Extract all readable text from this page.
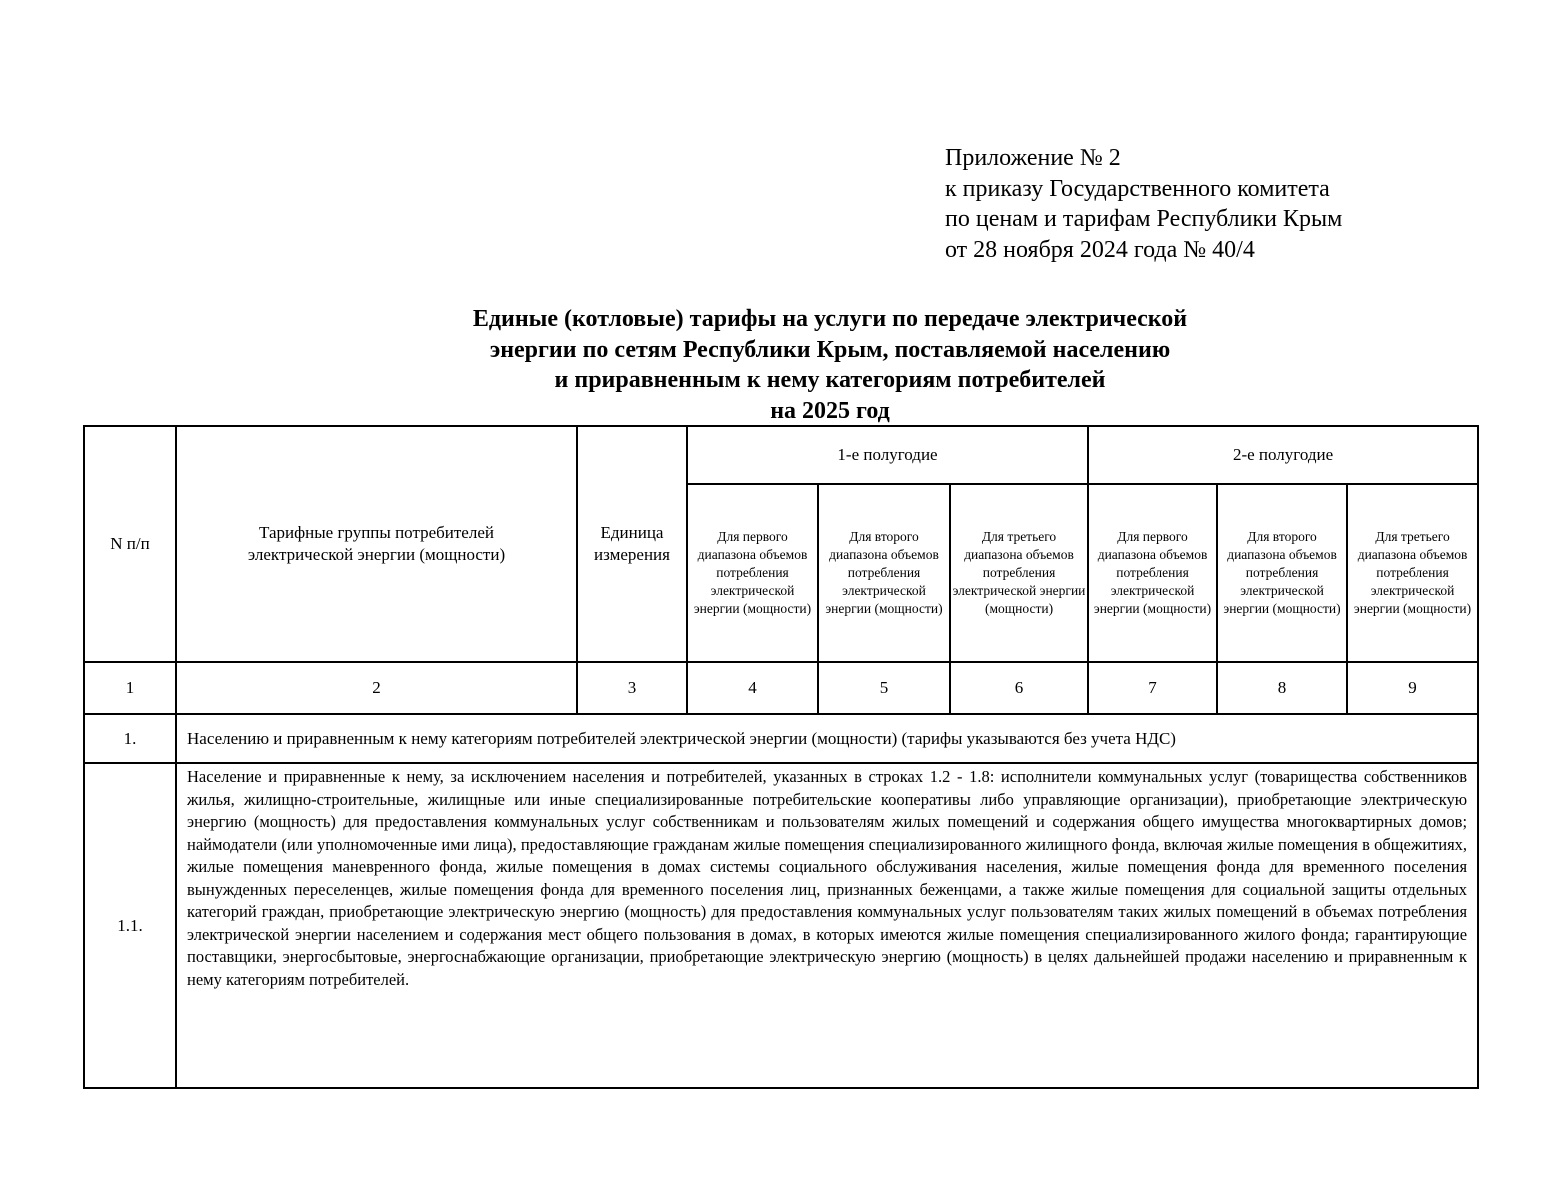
Приложение № 2
к приказу Государственного комитета
по ценам и тарифам Республики Крым
от 28 ноября 2024 года № 40/4
Единые (котловые) тарифы на услуги по передаче электрической
энергии по сетям Республики Крым, поставляемой населению
и приравненным к нему категориям потребителей
на 2025 год
N п/п	Тарифные группы потребителей электрической энергии (мощности)	Единица измерения	1-е полугодие			2-е полугодие		
			Для первого диапазона объемов потребления электрической энергии (мощности)	Для второго диапазона объемов потребления электрической энергии (мощности)	Для третьего диапазона объемов потребления электрической энергии (мощности)	Для первого диапазона объемов потребления электрической энергии (мощности)	Для второго диапазона объемов потребления электрической энергии (мощности)	Для третьего диапазона объемов потребления электрической энергии (мощности)
1	2	3	4	5	6	7	8	9
1.	Населению и приравненным к нему категориям потребителей электрической энергии (мощности) (тарифы указываются без учета НДС)							
1.1.	Население и приравненные к нему, за исключением населения и потребителей, указанных в строках 1.2 - 1.8: исполнители коммунальных услуг (товарищества собственников жилья, жилищно-строительные, жилищные или иные специализированные потребительские кооперативы либо управляющие организации), приобретающие электрическую энергию (мощность) для предоставления коммунальных услуг собственникам и пользователям жилых помещений и содержания общего имущества многоквартирных домов; наймодатели (или уполномоченные ими лица), предоставляющие гражданам жилые помещения специализированного жилищного фонда, включая жилые помещения в общежитиях, жилые помещения маневренного фонда, жилые помещения в домах системы социального обслуживания населения, жилые помещения фонда для временного поселения вынужденных переселенцев, жилые помещения фонда для временного поселения лиц, признанных беженцами, а также жилые помещения для социальной защиты отдельных категорий граждан, приобретающие электрическую энергию (мощность) для предоставления коммунальных услуг пользователям таких жилых помещений в объемах потребления электрической энергии населением и содержания мест общего пользования в домах, в которых имеются жилые помещения специализированного жилого фонда; гарантирующие поставщики, энергосбытовые, энергоснабжающие организации, приобретающие электрическую энергию (мощность) в целях дальнейшей продажи населению и приравненным к нему категориям потребителей.							
